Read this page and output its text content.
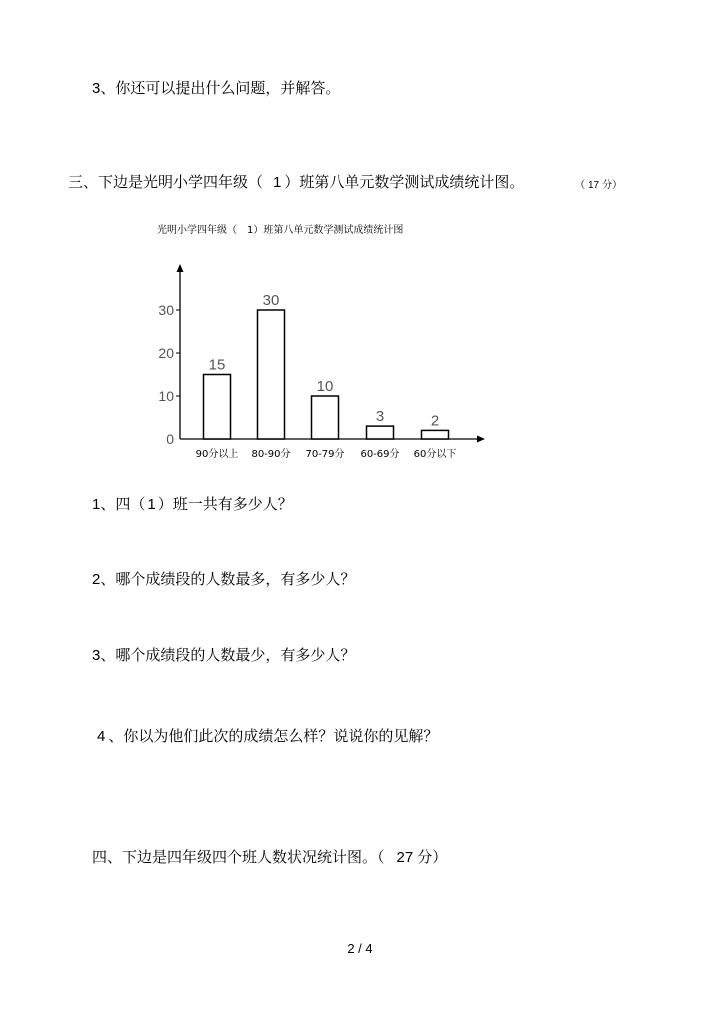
3、你还可以提出什么问题，并解答。
三、下边是光明小学四年级（ 1 ）班第八单元数学测试成绩统计图。	（ 17 分）
光明小学四年级（　1）班第八单元数学测试成绩统计图
0
10
20
30
15
90分以上
30
80-90分
10
70-79分
3
60-69分
2
60分以下
1、四（ 1 ）班一共有多少人？
2、哪个成绩段的人数最多，有多少人？
3、哪个成绩段的人数最少，有多少人？
4 、你以为他们此次的成绩怎么样？说说你的见解？
四、下边是四年级四个班人数状况统计图。（ 27 分）
2 / 4
